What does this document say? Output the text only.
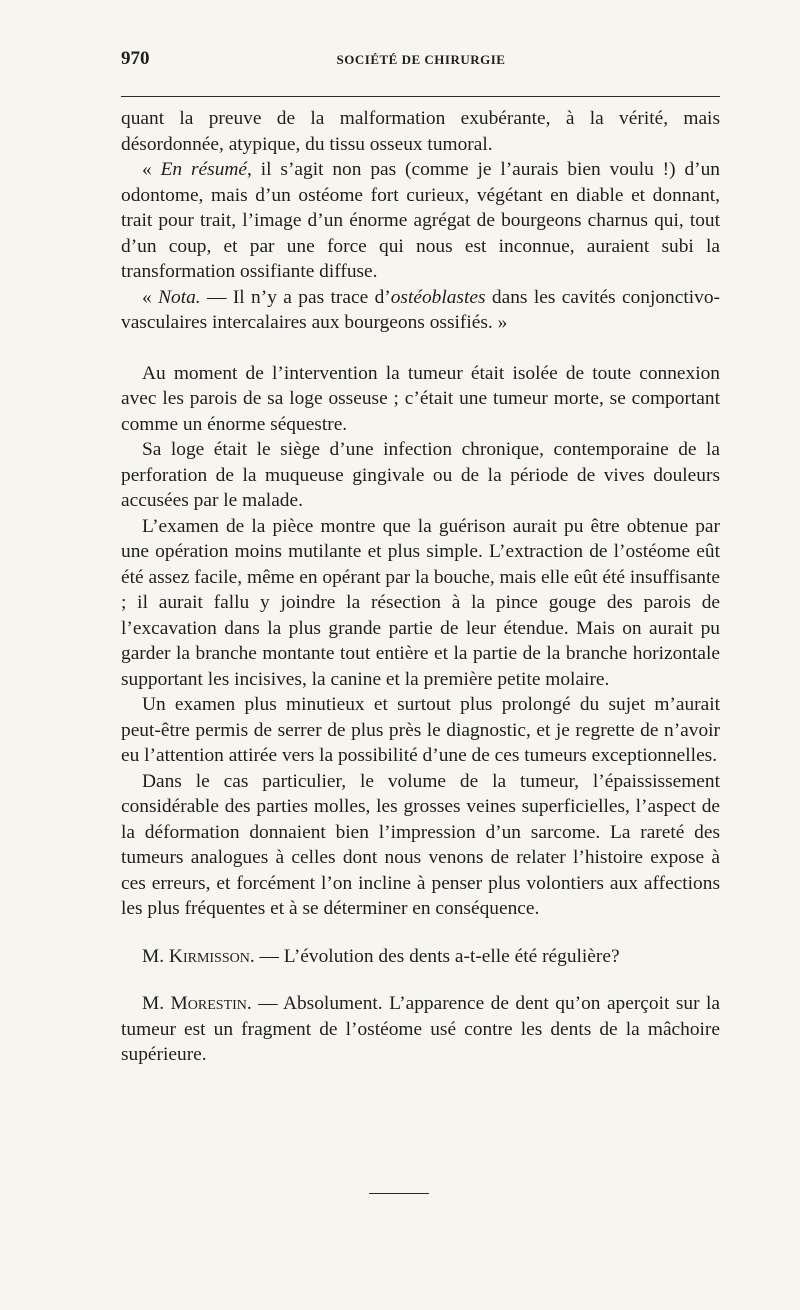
970	SOCIÉTÉ DE CHIRURGIE

quant la preuve de la malformation exubérante, à la vérité, mais désordonnée, atypique, du tissu osseux tumoral.

« En résumé, il s’agit non pas (comme je l’aurais bien voulu !) d’un odontome, mais d’un ostéome fort curieux, végétant en diable et donnant, trait pour trait, l’image d’un énorme agrégat de bourgeons charnus qui, tout d’un coup, et par une force qui nous est inconnue, auraient subi la transformation ossifiante diffuse.

« Nota. — Il n’y a pas trace d’ostéoblastes dans les cavités conjonctivo-vasculaires intercalaires aux bourgeons ossifiés. »

Au moment de l’intervention la tumeur était isolée de toute connexion avec les parois de sa loge osseuse ; c’était une tumeur morte, se comportant comme un énorme séquestre.

Sa loge était le siège d’une infection chronique, contemporaine de la perforation de la muqueuse gingivale ou de la période de vives douleurs accusées par le malade.

L’examen de la pièce montre que la guérison aurait pu être obtenue par une opération moins mutilante et plus simple. L’extraction de l’ostéome eût été assez facile, même en opérant par la bouche, mais elle eût été insuffisante ; il aurait fallu y joindre la résection à la pince gouge des parois de l’excavation dans la plus grande partie de leur étendue. Mais on aurait pu garder la branche montante tout entière et la partie de la branche horizontale supportant les incisives, la canine et la première petite molaire.

Un examen plus minutieux et surtout plus prolongé du sujet m’aurait peut-être permis de serrer de plus près le diagnostic, et je regrette de n’avoir eu l’attention attirée vers la possibilité d’une de ces tumeurs exceptionnelles.

Dans le cas particulier, le volume de la tumeur, l’épaississement considérable des parties molles, les grosses veines superficielles, l’aspect de la déformation donnaient bien l’impression d’un sarcome. La rareté des tumeurs analogues à celles dont nous venons de relater l’histoire expose à ces erreurs, et forcément l’on incline à penser plus volontiers aux affections les plus fréquentes et à se déterminer en conséquence.

M. Kirmisson. — L’évolution des dents a-t-elle été régulière?

M. Morestin. — Absolument. L’apparence de dent qu’on aperçoit sur la tumeur est un fragment de l’ostéome usé contre les dents de la mâchoire supérieure.
